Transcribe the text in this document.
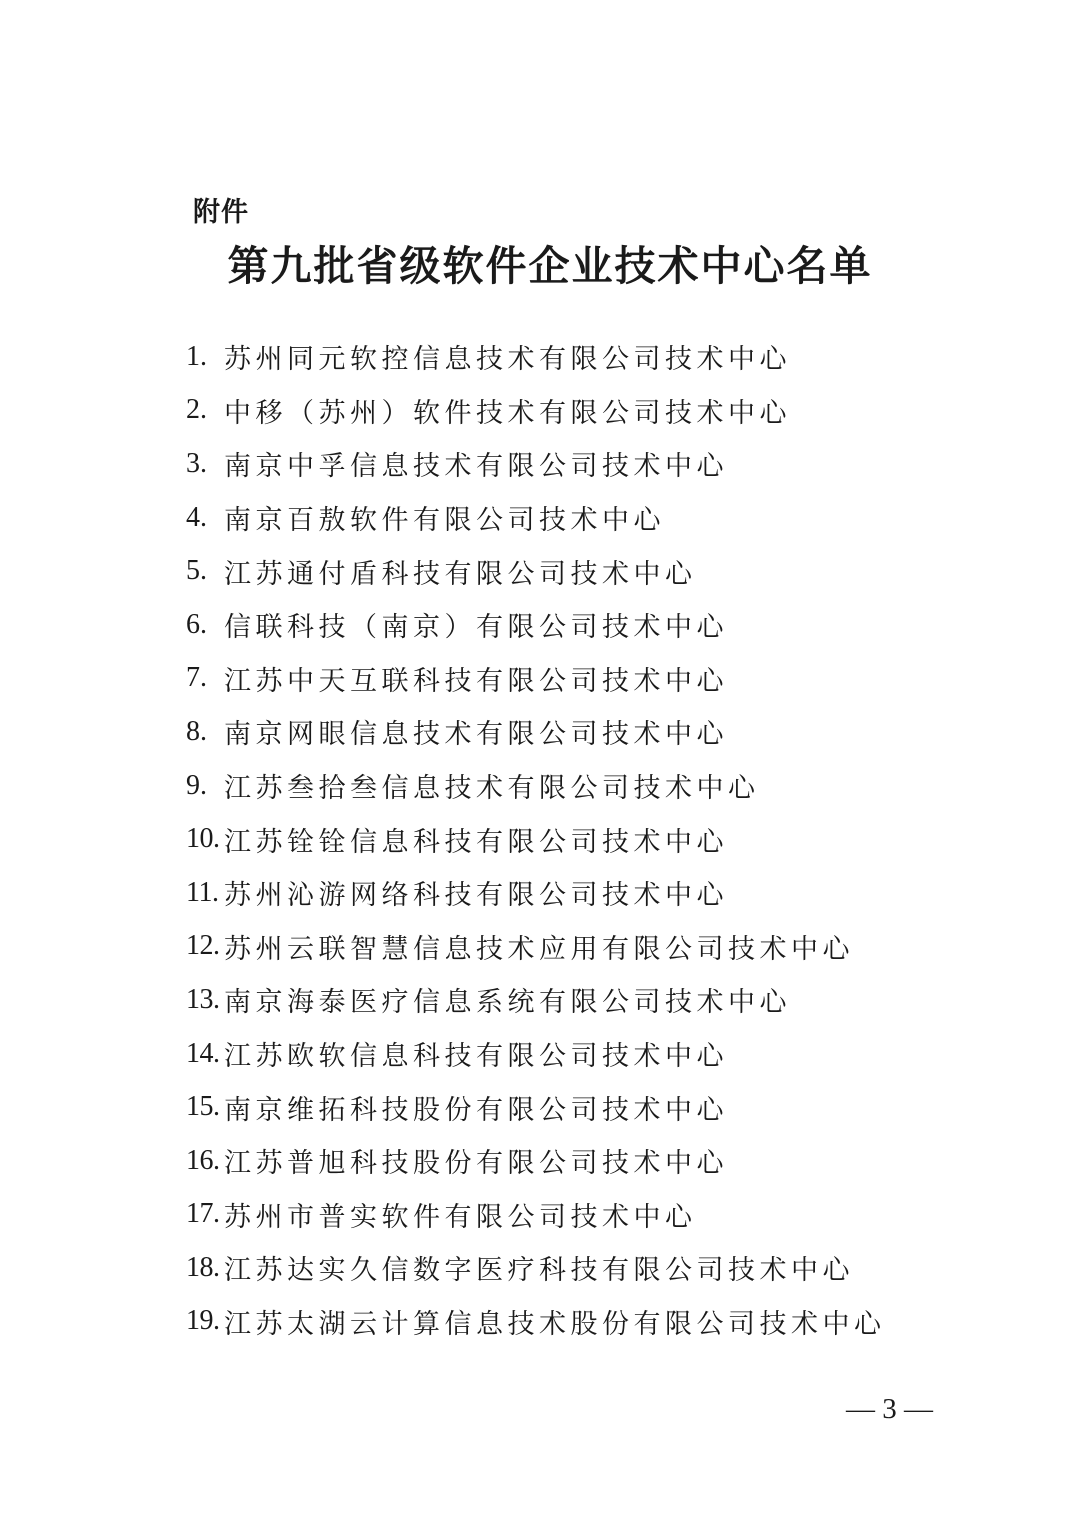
附件
第九批省级软件企业技术中心名单
1. 苏州同元软控信息技术有限公司技术中心
2. 中移（苏州）软件技术有限公司技术中心
3. 南京中孚信息技术有限公司技术中心
4. 南京百敖软件有限公司技术中心
5. 江苏通付盾科技有限公司技术中心
6. 信联科技（南京）有限公司技术中心
7. 江苏中天互联科技有限公司技术中心
8. 南京网眼信息技术有限公司技术中心
9. 江苏叁拾叁信息技术有限公司技术中心
10. 江苏铨铨信息科技有限公司技术中心
11. 苏州沁游网络科技有限公司技术中心
12. 苏州云联智慧信息技术应用有限公司技术中心
13. 南京海泰医疗信息系统有限公司技术中心
14. 江苏欧软信息科技有限公司技术中心
15. 南京维拓科技股份有限公司技术中心
16. 江苏普旭科技股份有限公司技术中心
17. 苏州市普实软件有限公司技术中心
18. 江苏达实久信数字医疗科技有限公司技术中心
19. 江苏太湖云计算信息技术股份有限公司技术中心
— 3 —
